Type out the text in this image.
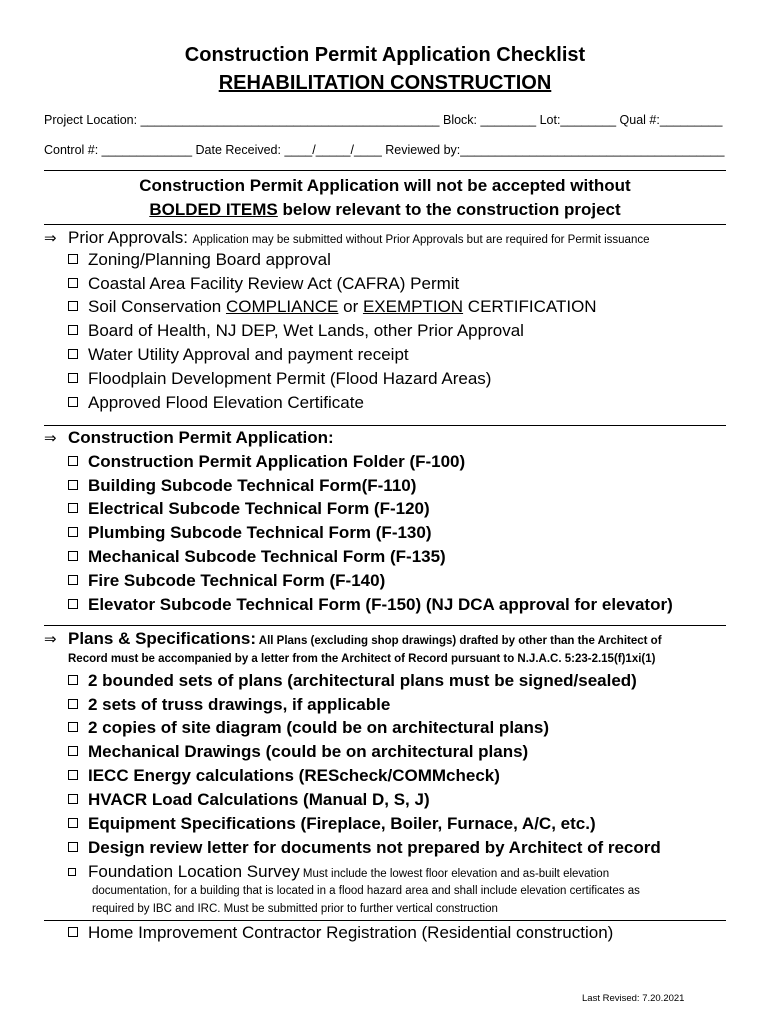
Construction Permit Application Checklist
REHABILITATION CONSTRUCTION
Project Location: ___________________________________________ Block: ________ Lot:________ Qual #:_________
Control #: _____________ Date Received: ____/_____/____ Reviewed by:______________________________________
Construction Permit Application will not be accepted without
BOLDED ITEMS below relevant to the construction project
⇒ Prior Approvals: Application may be submitted without Prior Approvals but are required for Permit issuance
Zoning/Planning Board approval
Coastal Area Facility Review Act (CAFRA) Permit
Soil Conservation COMPLIANCE or EXEMPTION CERTIFICATION
Board of Health, NJ DEP, Wet Lands, other Prior Approval
Water Utility Approval and payment receipt
Floodplain Development Permit (Flood Hazard Areas)
Approved Flood Elevation Certificate
⇒ Construction Permit Application:
Construction Permit Application Folder (F-100)
Building Subcode Technical Form(F-110)
Electrical Subcode Technical Form (F-120)
Plumbing Subcode Technical Form (F-130)
Mechanical Subcode Technical Form (F-135)
Fire Subcode Technical Form (F-140)
Elevator Subcode Technical Form (F-150) (NJ DCA approval for elevator)
⇒ Plans & Specifications: All Plans (excluding shop drawings) drafted by other than the Architect of
Record must be accompanied by a letter from the Architect of Record pursuant to N.J.A.C. 5:23-2.15(f)1xi(1)
2 bounded sets of plans (architectural plans must be signed/sealed)
2 sets of truss drawings, if applicable
2 copies of site diagram (could be on architectural plans)
Mechanical Drawings (could be on architectural plans)
IECC Energy calculations (REScheck/COMMcheck)
HVACR Load Calculations (Manual D, S, J)
Equipment Specifications (Fireplace, Boiler, Furnace, A/C, etc.)
Design review letter for documents not prepared by Architect of record
Foundation Location Survey Must include the lowest floor elevation and as-built elevation
documentation, for a building that is located in a flood hazard area and shall include elevation certificates as
required by IBC and IRC. Must be submitted prior to further vertical construction
Home Improvement Contractor Registration (Residential construction)
Last Revised: 7.20.2021
